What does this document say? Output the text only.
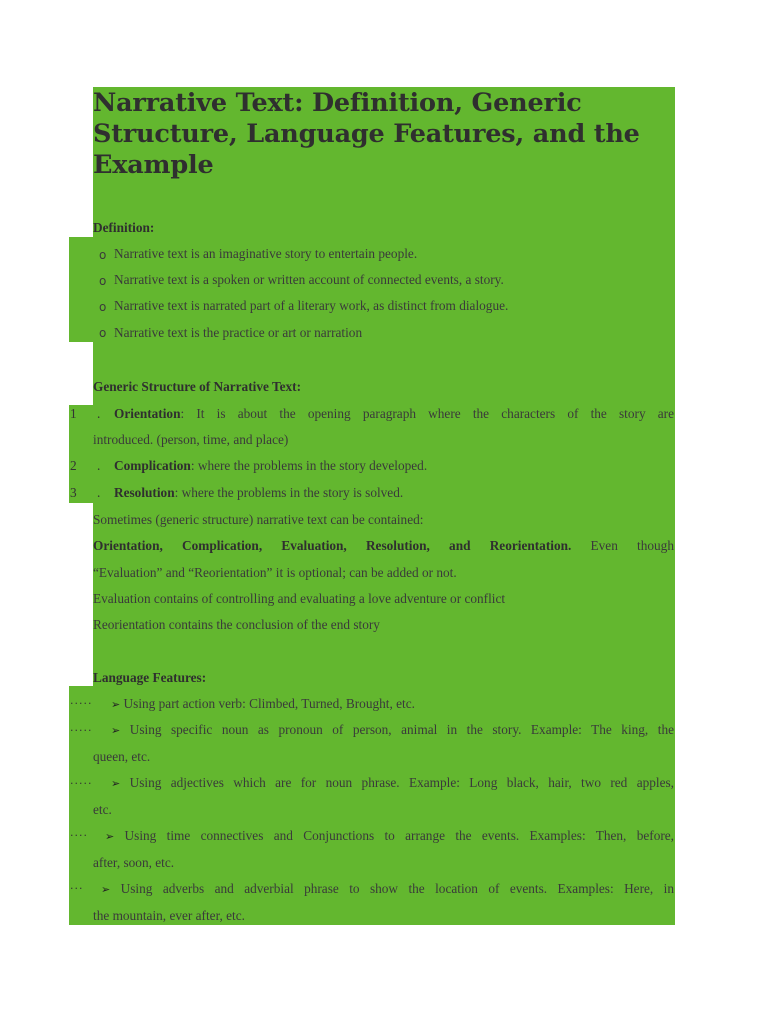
Narrative Text: Definition, Generic Structure, Language Features, and the Example
Definition:
o Narrative text is an imaginative story to entertain people.
o Narrative text is a spoken or written account of connected events, a story.
o Narrative text is narrated part of a literary work, as distinct from dialogue.
o Narrative text is the practice or art or narration
Generic Structure of Narrative Text:
1 . Orientation: It is about the opening paragraph where the characters of the story are
introduced. (person, time, and place)
2 . Complication: where the problems in the story developed.
3 . Resolution: where the problems in the story is solved.
Sometimes (generic structure) narrative text can be contained:
Orientation, Complication, Evaluation, Resolution, and Reorientation. Even though
“Evaluation” and “Reorientation” it is optional; can be added or not.
Evaluation contains of controlling and evaluating a love adventure or conflict
Reorientation contains the conclusion of the end story
Language Features:
····· ➢ Using part action verb: Climbed, Turned, Brought, etc.
····· ➢ Using specific noun as pronoun of person, animal in the story. Example: The king, the
queen, etc.
····· ➢ Using adjectives which are for noun phrase. Example: Long black, hair, two red apples,
etc.
···· ➢ Using time connectives and Conjunctions to arrange the events. Examples: Then, before,
after, soon, etc.
··· ➢ Using adverbs and adverbial phrase to show the location of events. Examples: Here, in
the mountain, ever after, etc.
